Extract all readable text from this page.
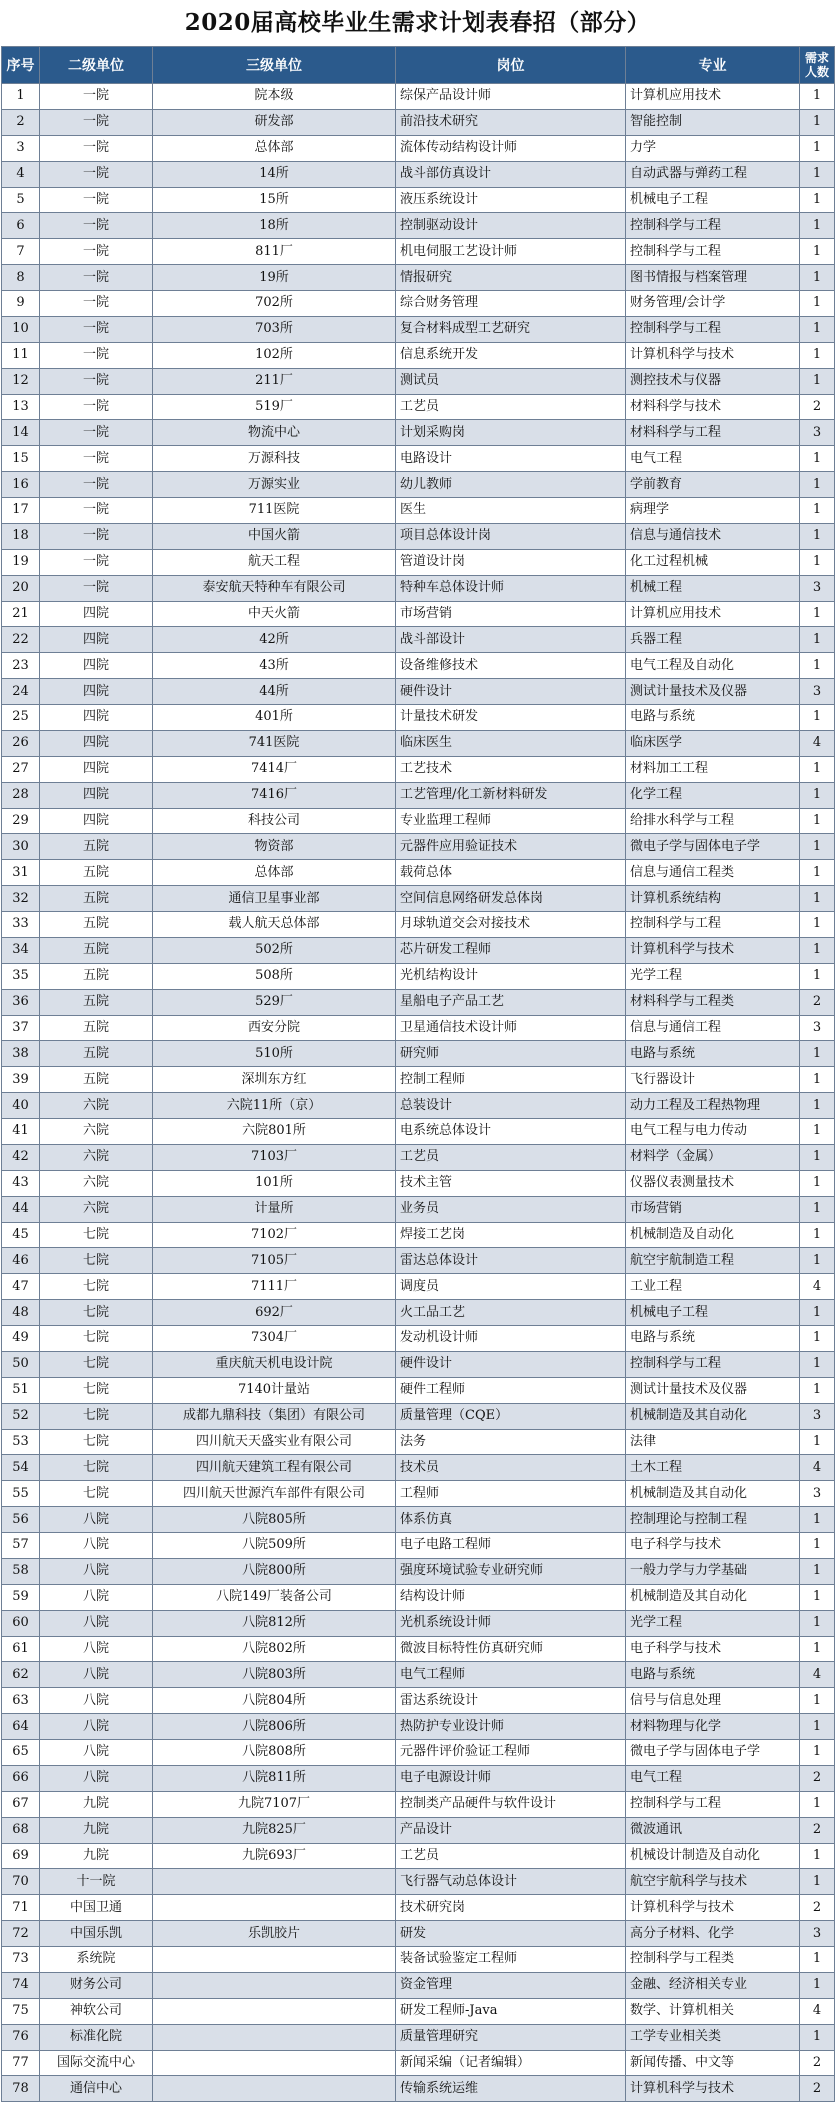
2020届高校毕业生需求计划表春招（部分）
序号	二级单位	三级单位	岗位	专业	需求人数
1	一院	院本级	综保产品设计师	计算机应用技术	1
2	一院	研发部	前沿技术研究	智能控制	1
3	一院	总体部	流体传动结构设计师	力学	1
4	一院	14所	战斗部仿真设计	自动武器与弹药工程	1
5	一院	15所	液压系统设计	机械电子工程	1
6	一院	18所	控制驱动设计	控制科学与工程	1
7	一院	811厂	机电伺服工艺设计师	控制科学与工程	1
8	一院	19所	情报研究	图书情报与档案管理	1
9	一院	702所	综合财务管理	财务管理/会计学	1
10	一院	703所	复合材料成型工艺研究	控制科学与工程	1
11	一院	102所	信息系统开发	计算机科学与技术	1
12	一院	211厂	测试员	测控技术与仪器	1
13	一院	519厂	工艺员	材料科学与技术	2
14	一院	物流中心	计划采购岗	材料科学与工程	3
15	一院	万源科技	电路设计	电气工程	1
16	一院	万源实业	幼儿教师	学前教育	1
17	一院	711医院	医生	病理学	1
18	一院	中国火箭	项目总体设计岗	信息与通信技术	1
19	一院	航天工程	管道设计岗	化工过程机械	1
20	一院	泰安航天特种车有限公司	特种车总体设计师	机械工程	3
21	四院	中天火箭	市场营销	计算机应用技术	1
22	四院	42所	战斗部设计	兵器工程	1
23	四院	43所	设备维修技术	电气工程及自动化	1
24	四院	44所	硬件设计	测试计量技术及仪器	3
25	四院	401所	计量技术研发	电路与系统	1
26	四院	741医院	临床医生	临床医学	4
27	四院	7414厂	工艺技术	材料加工工程	1
28	四院	7416厂	工艺管理/化工新材料研发	化学工程	1
29	四院	科技公司	专业监理工程师	给排水科学与工程	1
30	五院	物资部	元器件应用验证技术	微电子学与固体电子学	1
31	五院	总体部	载荷总体	信息与通信工程类	1
32	五院	通信卫星事业部	空间信息网络研发总体岗	计算机系统结构	1
33	五院	载人航天总体部	月球轨道交会对接技术	控制科学与工程	1
34	五院	502所	芯片研发工程师	计算机科学与技术	1
35	五院	508所	光机结构设计	光学工程	1
36	五院	529厂	星船电子产品工艺	材料科学与工程类	2
37	五院	西安分院	卫星通信技术设计师	信息与通信工程	3
38	五院	510所	研究师	电路与系统	1
39	五院	深圳东方红	控制工程师	飞行器设计	1
40	六院	六院11所（京）	总装设计	动力工程及工程热物理	1
41	六院	六院801所	电系统总体设计	电气工程与电力传动	1
42	六院	7103厂	工艺员	材料学（金属）	1
43	六院	101所	技术主管	仪器仪表测量技术	1
44	六院	计量所	业务员	市场营销	1
45	七院	7102厂	焊接工艺岗	机械制造及自动化	1
46	七院	7105厂	雷达总体设计	航空宇航制造工程	1
47	七院	7111厂	调度员	工业工程	4
48	七院	692厂	火工品工艺	机械电子工程	1
49	七院	7304厂	发动机设计师	电路与系统	1
50	七院	重庆航天机电设计院	硬件设计	控制科学与工程	1
51	七院	7140计量站	硬件工程师	测试计量技术及仪器	1
52	七院	成都九鼎科技（集团）有限公司	质量管理（CQE）	机械制造及其自动化	3
53	七院	四川航天天盛实业有限公司	法务	法律	1
54	七院	四川航天建筑工程有限公司	技术员	土木工程	4
55	七院	四川航天世源汽车部件有限公司	工程师	机械制造及其自动化	3
56	八院	八院805所	体系仿真	控制理论与控制工程	1
57	八院	八院509所	电子电路工程师	电子科学与技术	1
58	八院	八院800所	强度环境试验专业研究师	一般力学与力学基础	1
59	八院	八院149厂装备公司	结构设计师	机械制造及其自动化	1
60	八院	八院812所	光机系统设计师	光学工程	1
61	八院	八院802所	微波目标特性仿真研究师	电子科学与技术	1
62	八院	八院803所	电气工程师	电路与系统	4
63	八院	八院804所	雷达系统设计	信号与信息处理	1
64	八院	八院806所	热防护专业设计师	材料物理与化学	1
65	八院	八院808所	元器件评价验证工程师	微电子学与固体电子学	1
66	八院	八院811所	电子电源设计师	电气工程	2
67	九院	九院7107厂	控制类产品硬件与软件设计	控制科学与工程	1
68	九院	九院825厂	产品设计	微波通讯	2
69	九院	九院693厂	工艺员	机械设计制造及自动化	1
70	十一院		飞行器气动总体设计	航空宇航科学与技术	1
71	中国卫通		技术研究岗	计算机科学与技术	2
72	中国乐凯	乐凯胶片	研发	高分子材料、化学	3
73	系统院		装备试验鉴定工程师	控制科学与工程类	1
74	财务公司		资金管理	金融、经济相关专业	1
75	神软公司		研发工程师-Java	数学、计算机相关	4
76	标准化院		质量管理研究	工学专业相关类	1
77	国际交流中心		新闻采编（记者编辑）	新闻传播、中文等	2
78	通信中心		传输系统运维	计算机科学与技术	2
